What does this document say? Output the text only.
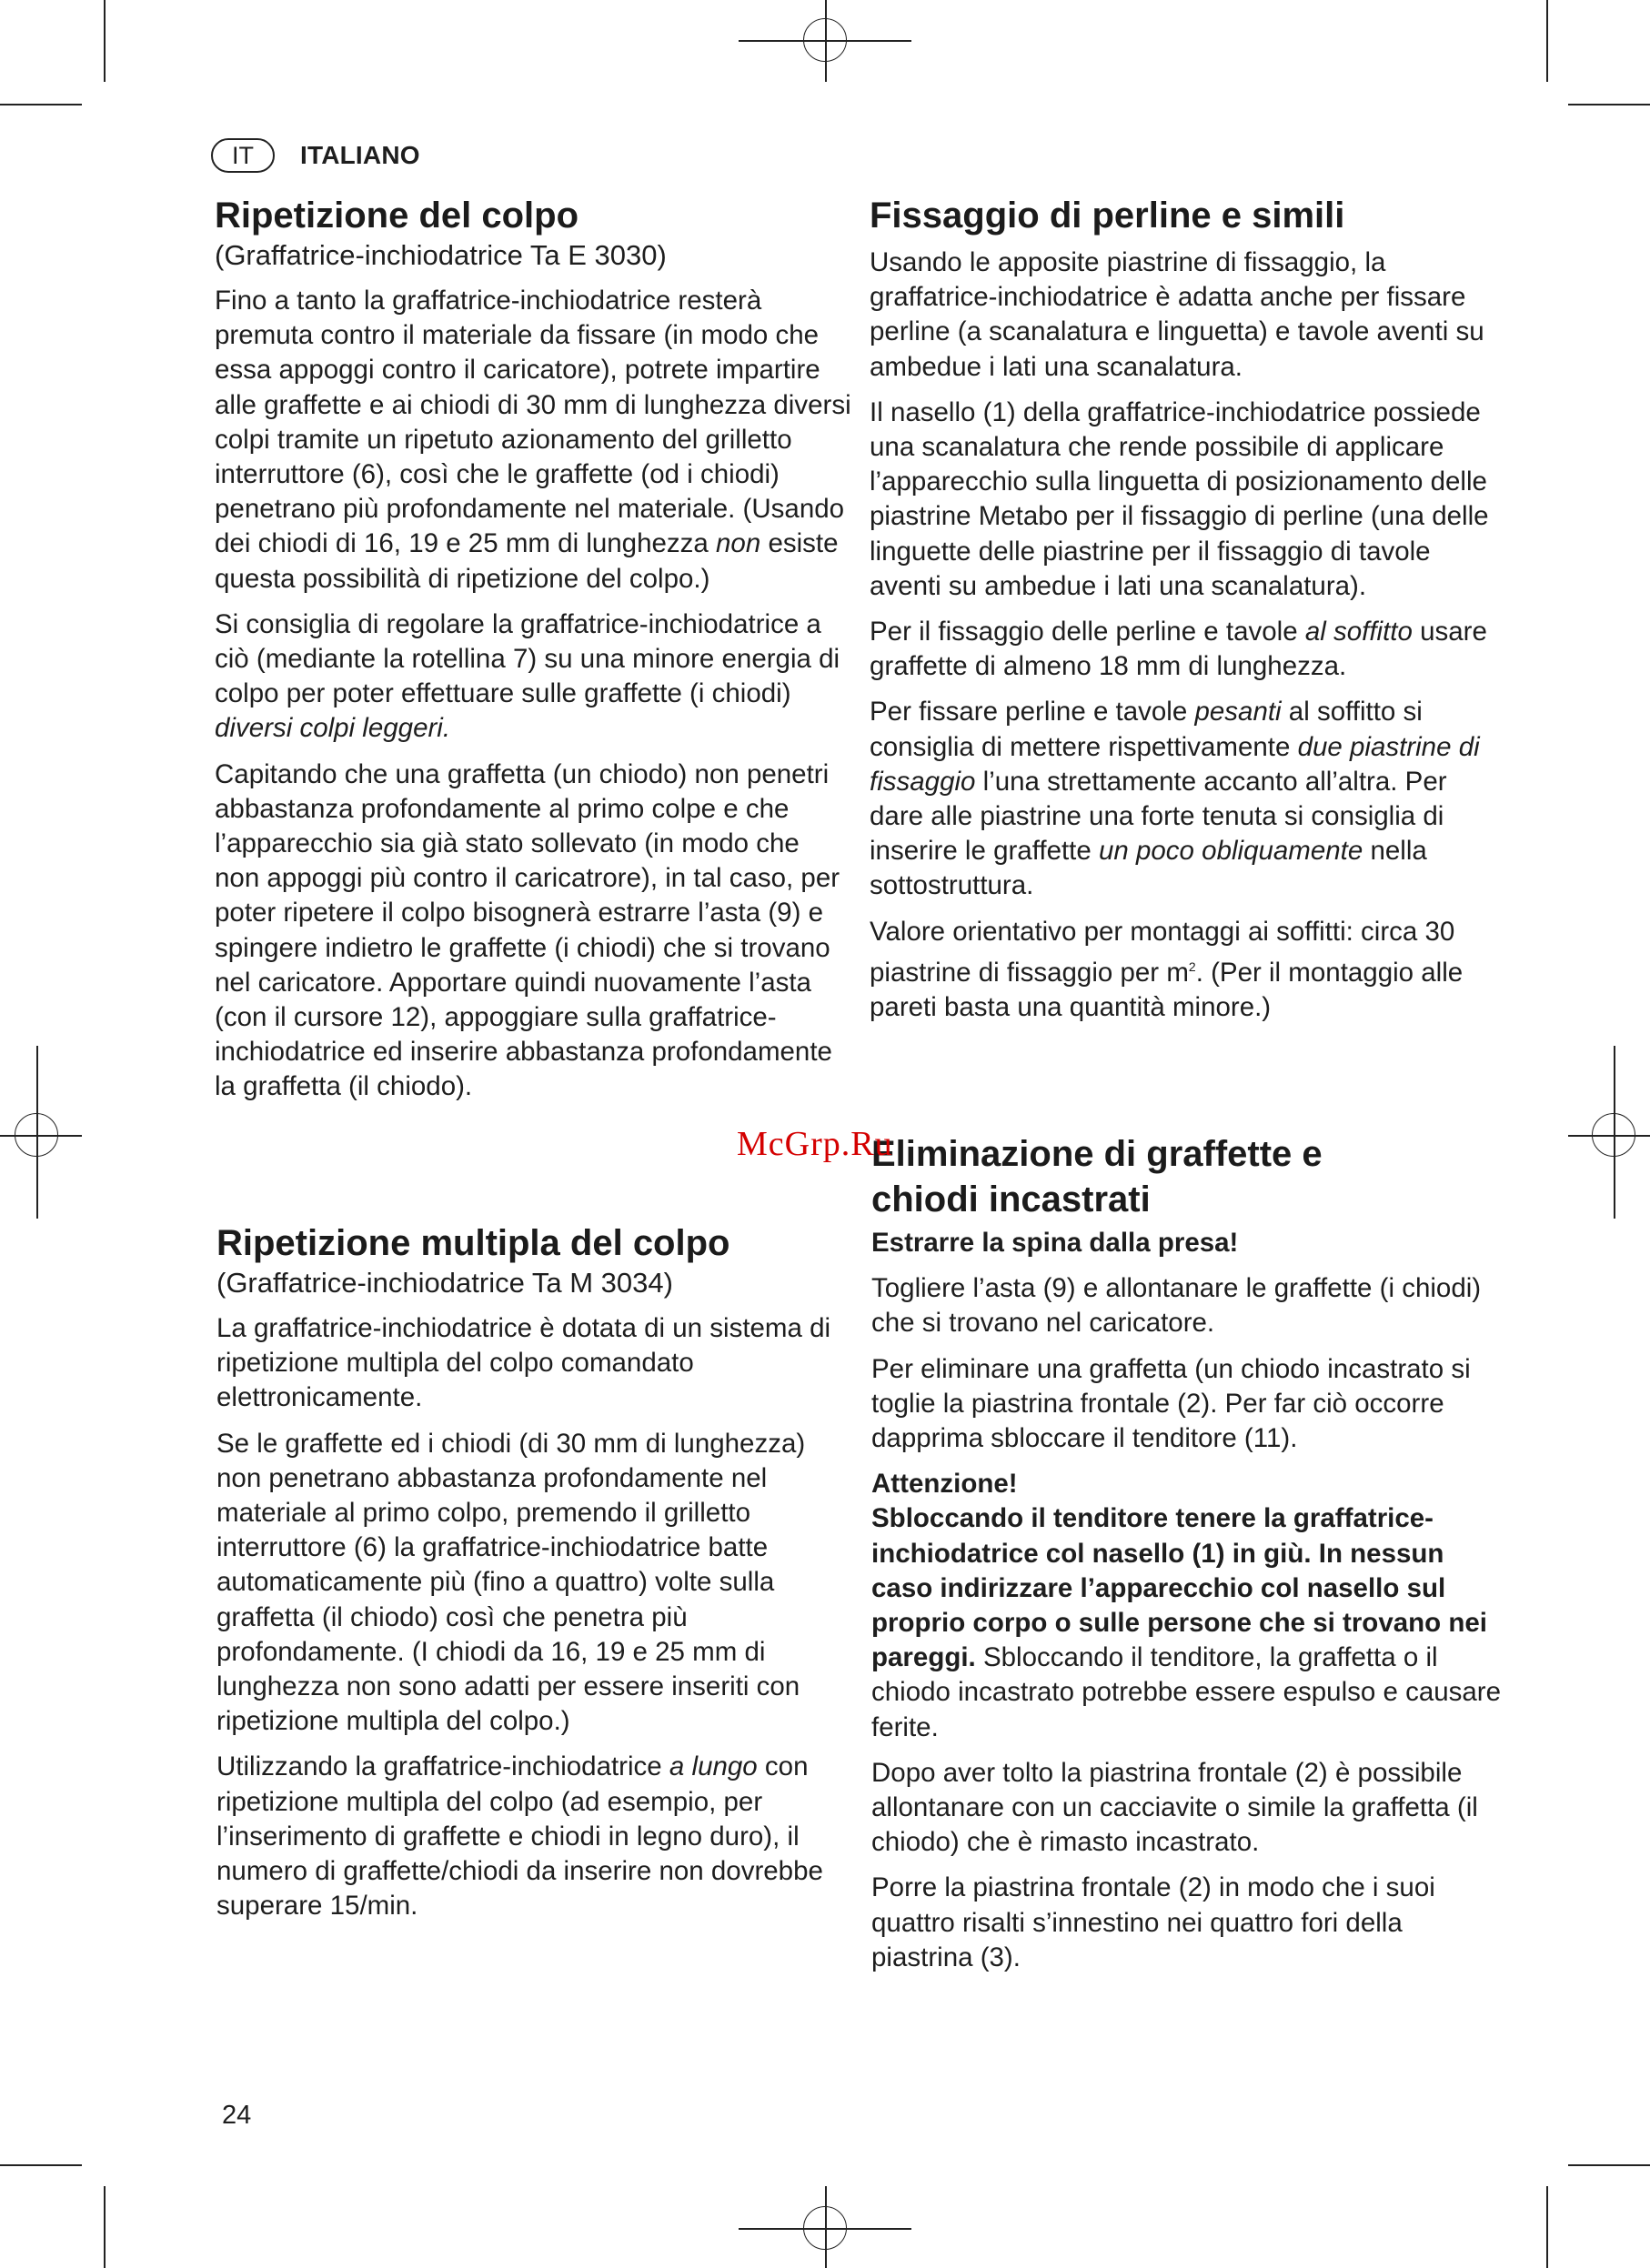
IT	ITALIANO
Ripetizione del colpo
(Graffatrice-inchiodatrice Ta E 3030)

Fino a tanto la graffatrice-inchiodatrice resterà premuta contro il materiale da fissare (in modo che essa appoggi contro il caricatore), potrete impartire alle graffette e ai chiodi di 30 mm di lunghezza diversi colpi tramite un ripetuto azionamento del grilletto interruttore (6), così che le graffette (od i chiodi) penetrano più profondamente nel materiale. (Usando dei chiodi di 16, 19 e 25 mm di lunghezza non esiste questa possibilità di ripetizione del colpo.)

Si consiglia di regolare la graffatrice-inchiodatrice a ciò (mediante la rotellina 7) su una minore energia di colpo per poter effettuare sulle graffette (i chiodi) diversi colpi leggeri.

Capitando che una graffetta (un chiodo) non penetri abbastanza profondamente al primo colpe e che l’apparecchio sia già stato sollevato (in modo che non appoggi più contro il caricatrore), in tal caso, per poter ripetere il colpo bisognerà estrarre l’asta (9) e spingere indietro le graffette (i chiodi) che si trovano nel caricatore. Apportare quindi nuovamente l’asta (con il cursore 12), appoggiare sulla graffatrice-inchiodatrice ed inserire abbastanza profondamente la graffetta (il chiodo).

Ripetizione multipla del colpo
(Graffatrice-inchiodatrice Ta M 3034)

La graffatrice-inchiodatrice è dotata di un sistema di ripetizione multipla del colpo comandato elettronicamente.

Se le graffette ed i chiodi (di 30 mm di lunghezza) non penetrano abbastanza profondamente nel materiale al primo colpo, premendo il grilletto interruttore (6) la graffatrice-inchiodatrice batte automaticamente più (fino a quattro) volte sulla graffetta (il chiodo) così che penetra più profondamente. (I chiodi da 16, 19 e 25 mm di lunghezza non sono adatti per essere inseriti con ripetizione multipla del colpo.)

Utilizzando la graffatrice-inchiodatrice a lungo con ripetizione multipla del colpo (ad esempio, per l’inserimento di graffette e chiodi in legno duro), il numero di graffette/chiodi da inserire non dovrebbe superare 15/min.

Fissaggio di perline e simili

Usando le apposite piastrine di fissaggio, la graffatrice-inchiodatrice è adatta anche per fissare perline (a scanalatura e linguetta) e tavole aventi su ambedue i lati una scanalatura.

Il nasello (1) della graffatrice-inchiodatrice possiede una scanalatura che rende possibile di applicare l’apparecchio sulla linguetta di posizionamento delle piastrine Metabo per il fissaggio di perline (una delle linguette delle piastrine per il fissaggio di tavole aventi su ambedue i lati una scanalatura).

Per il fissaggio delle perline e tavole al soffitto usare graffette di almeno 18 mm di lunghezza.

Per fissare perline e tavole pesanti al soffitto si consiglia di mettere rispettivamente due piastrine di fissaggio l’una strettamente accanto all’altra. Per dare alle piastrine una forte tenuta si consiglia di inserire le graffette un poco obliquamente nella sottostruttura.

Valore orientativo per montaggi ai soffitti: circa 30 piastrine di fissaggio per $m^2$. (Per il montaggio alle pareti basta una quantità minore.)

Eliminazione di graffette e chiodi incastrati

Estrarre la spina dalla presa!

Togliere l’asta (9) e allontanare le graffette (i chiodi) che si trovano nel caricatore.

Per eliminare una graffetta (un chiodo incastrato si toglie la piastrina frontale (2). Per far ciò occorre dapprima sbloccare il tenditore (11).

Attenzione!
Sbloccando il tenditore tenere la graffatrice-inchiodatrice col nasello (1) in giù. In nessun caso indirizzare l’apparecchio col nasello sul proprio corpo o sulle persone che si trovano nei pareggi. Sbloccando il tenditore, la graffetta o il chiodo incastrato potrebbe essere espulso e causare ferite.

Dopo aver tolto la piastrina frontale (2) è possibile allontanare con un cacciavite o simile la graffetta (il chiodo) che è rimasto incastrato.

Porre la piastrina frontale (2) in modo che i suoi quattro risalti s’innestino nei quattro fori della piastrina (3).

McGrp.Ru
24
